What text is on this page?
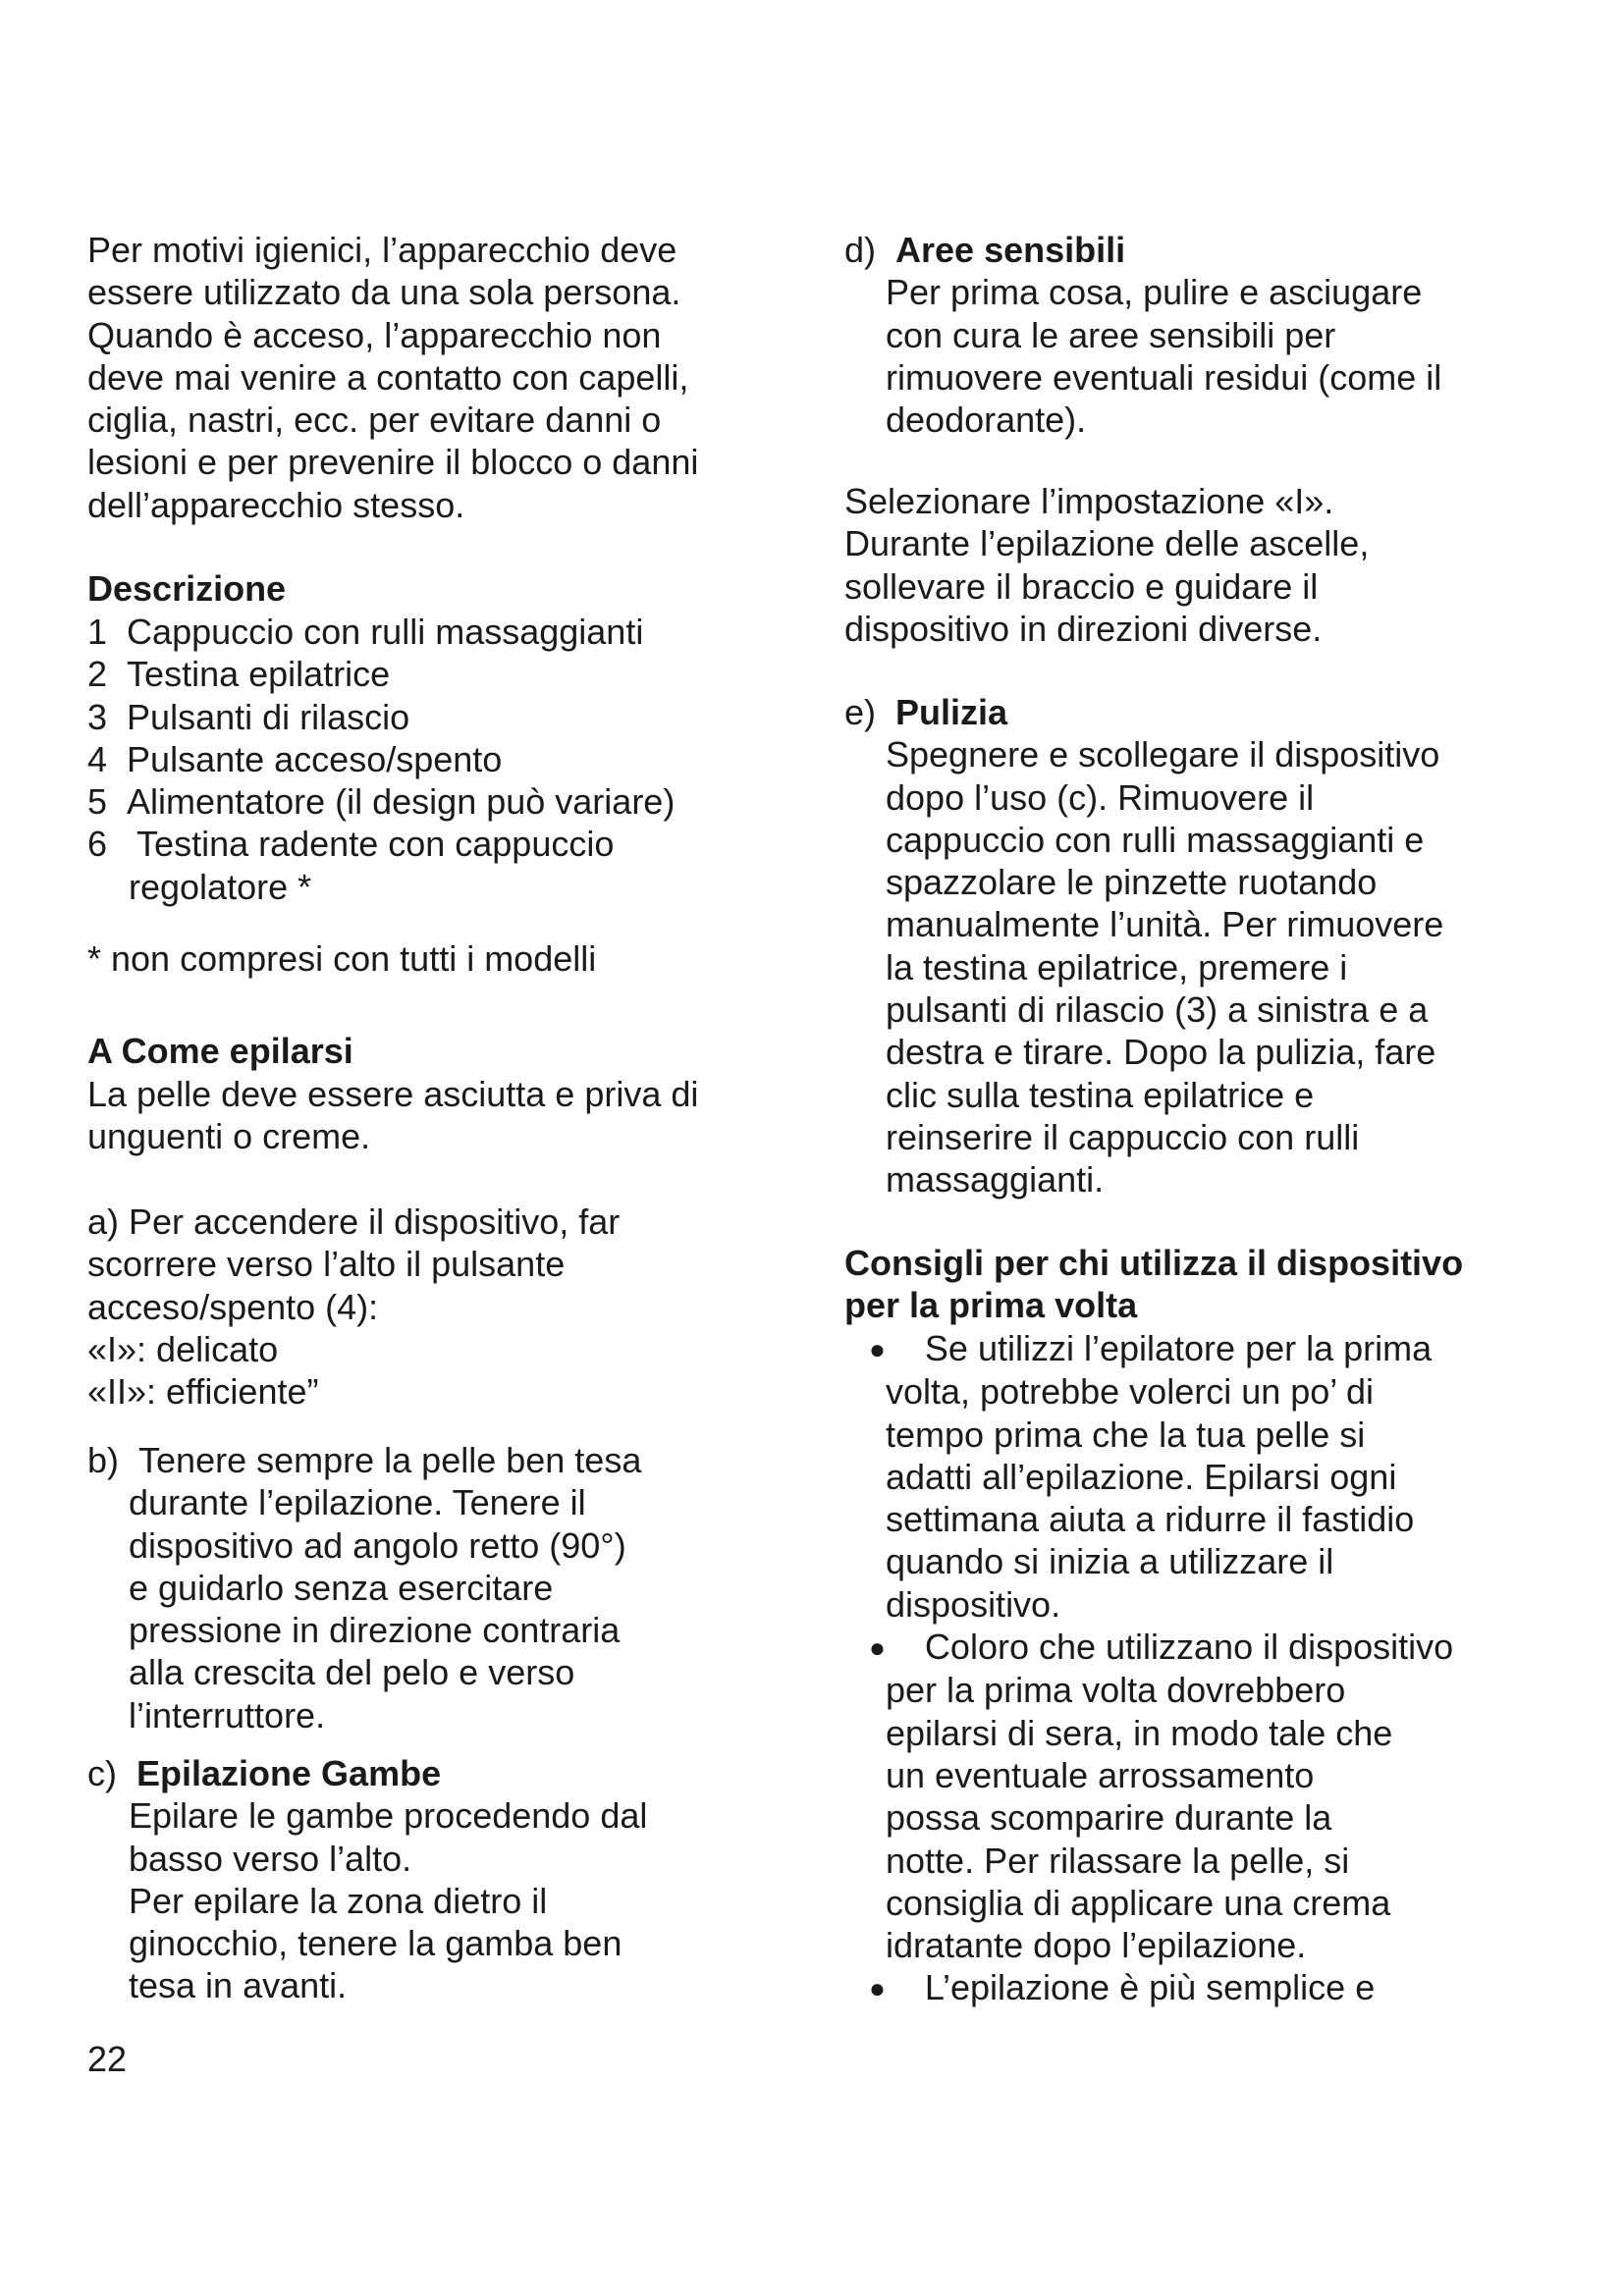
Per motivi igienici, l’apparecchio deve
essere utilizzato da una sola persona.
Quando è acceso, l’apparecchio non
deve mai venire a contatto con capelli,
ciglia, nastri, ecc. per evitare danni o
lesioni e per prevenire il blocco o danni
dell’apparecchio stesso.
Descrizione
1 Cappuccio con rulli massaggianti
2 Testina epilatrice
3 Pulsanti di rilascio
4 Pulsante acceso/spento
5 Alimentatore (il design può variare)
6 Testina radente con cappuccio
regolatore *
* non compresi con tutti i modelli
A Come epilarsi
La pelle deve essere asciutta e priva di
unguenti o creme.
a) Per accendere il dispositivo, far
scorrere verso l’alto il pulsante
acceso/spento (4):
«I»: delicato
«II»: efficiente”
b) Tenere sempre la pelle ben tesa
durante l’epilazione. Tenere il
dispositivo ad angolo retto (90°)
e guidarlo senza esercitare
pressione in direzione contraria
alla crescita del pelo e verso
l’interruttore.
c) Epilazione Gambe
Epilare le gambe procedendo dal
basso verso l’alto.
Per epilare la zona dietro il
ginocchio, tenere la gamba ben
tesa in avanti.
d) Aree sensibili
Per prima cosa, pulire e asciugare
con cura le aree sensibili per
rimuovere eventuali residui (come il
deodorante).
Selezionare l’impostazione «I».
Durante l’epilazione delle ascelle,
sollevare il braccio e guidare il
dispositivo in direzioni diverse.
e) Pulizia
Spegnere e scollegare il dispositivo
dopo l’uso (c). Rimuovere il
cappuccio con rulli massaggianti e
spazzolare le pinzette ruotando
manualmente l’unità. Per rimuovere
la testina epilatrice, premere i
pulsanti di rilascio (3) a sinistra e a
destra e tirare. Dopo la pulizia, fare
clic sulla testina epilatrice e
reinserire il cappuccio con rulli
massaggianti.
Consigli per chi utilizza il dispositivo
per la prima volta
● Se utilizzi l’epilatore per la prima
volta, potrebbe volerci un po’ di
tempo prima che la tua pelle si
adatti all’epilazione. Epilarsi ogni
settimana aiuta a ridurre il fastidio
quando si inizia a utilizzare il
dispositivo.
● Coloro che utilizzano il dispositivo
per la prima volta dovrebbero
epilarsi di sera, in modo tale che
un eventuale arrossamento
possa scomparire durante la
notte. Per rilassare la pelle, si
consiglia di applicare una crema
idratante dopo l’epilazione.
● L’epilazione è più semplice e
22
